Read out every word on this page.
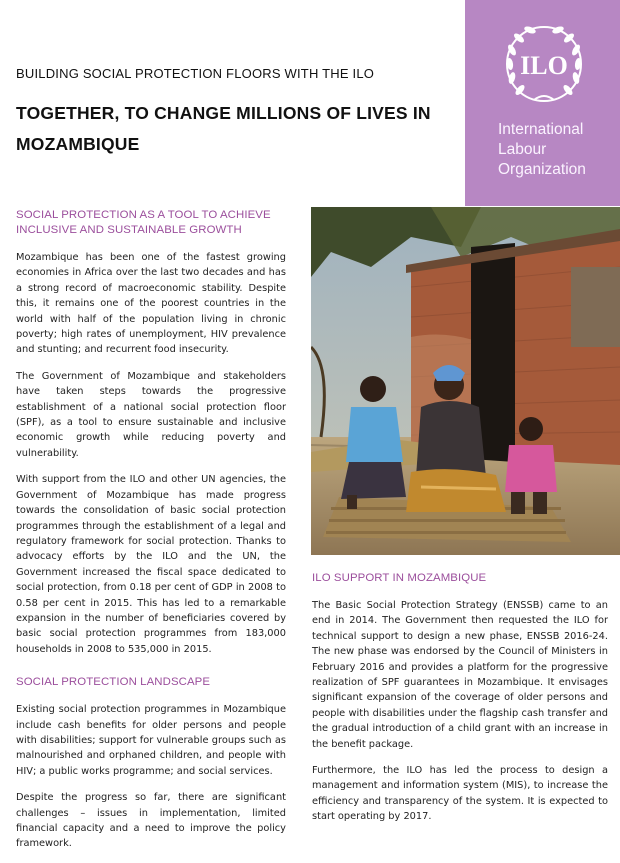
BUILDING SOCIAL PROTECTION FLOORS WITH THE ILO
TOGETHER, TO CHANGE MILLIONS OF LIVES IN MOZAMBIQUE
ILO
International
Labour
Organization
SOCIAL PROTECTION AS A TOOL TO ACHIEVE INCLUSIVE AND SUSTAINABLE GROWTH

Mozambique has been one of the fastest growing economies in Africa over the last two decades and has a strong record of macroeconomic stability. Despite this, it remains one of the poorest countries in the world with half of the population living in chronic poverty; high rates of unemployment, HIV prevalence and stunting; and recurrent food insecurity.

The Government of Mozambique and stakeholders have taken steps towards the progressive establishment of a national social protection floor (SPF), as a tool to ensure sustainable and inclusive economic growth while reducing poverty and vulnerability.

With support from the ILO and other UN agencies, the Government of Mozambique has made progress towards the consolidation of basic social protection programmes through the establishment of a legal and regulatory framework for social protection. Thanks to advocacy efforts by the ILO and the UN, the Government increased the fiscal space dedicated to social protection, from 0.18 per cent of GDP in 2008 to 0.58 per cent in 2015. This has led to a remarkable expansion in the number of beneficiaries covered by basic social protection programmes from 183,000 households in 2008 to 535,000 in 2015.

SOCIAL PROTECTION LANDSCAPE

Existing social protection programmes in Mozambique include cash benefits for older persons and people with disabilities; support for vulnerable groups such as malnourished and orphaned children, and people with HIV; a public works programme; and social services.

Despite the progress so far, there are significant challenges – issues in implementation, limited financial capacity and a need to improve the policy framework.

ILO SUPPORT IN MOZAMBIQUE

The Basic Social Protection Strategy (ENSSB) came to an end in 2014. The Government then requested the ILO for technical support to design a new phase, ENSSB 2016-24. The new phase was endorsed by the Council of Ministers in February 2016 and provides a platform for the progressive realization of SPF guarantees in Mozambique. It envisages significant expansion of the coverage of older persons and people with disabilities under the flagship cash transfer and the gradual introduction of a child grant with an increase in the benefit package.

Furthermore, the ILO has led the process to design a management and information system (MIS), to increase the efficiency and transparency of the system. It is expected to start operating by 2017.
